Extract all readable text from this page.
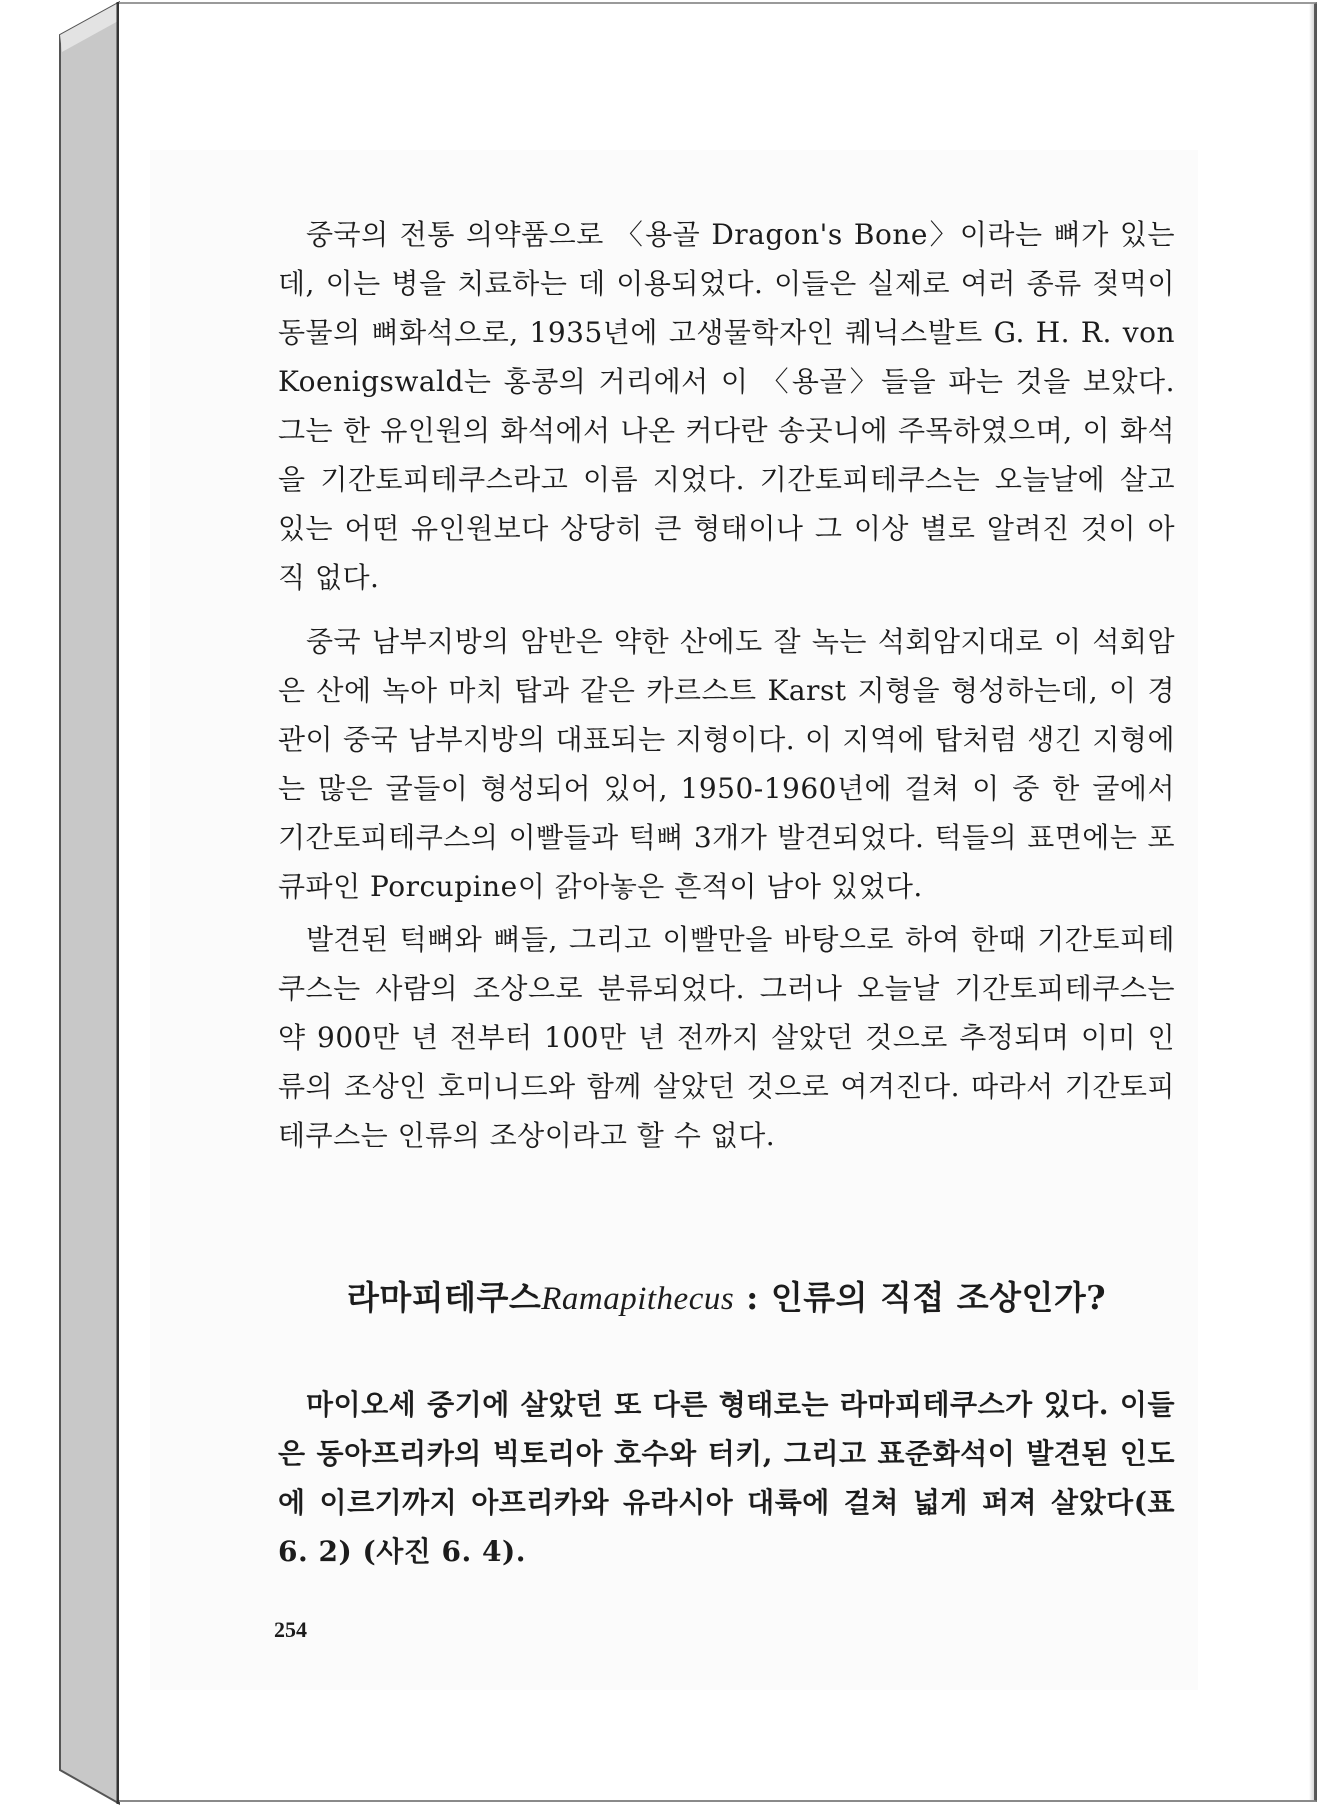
중국의 전통 의약품으로 〈용골 Dragon's Bone〉이라는 뼈가 있는데, 이는 병을 치료하는 데 이용되었다. 이들은 실제로 여러 종류 젖먹이 동물의 뼈화석으로, 1935년에 고생물학자인 퀘닉스발트 G. H. R. von Koenigswald는 홍콩의 거리에서 이 〈용골〉들을 파는 것을 보았다. 그는 한 유인원의 화석에서 나온 커다란 송곳니에 주목하였으며, 이 화석을 기간토피테쿠스라고 이름 지었다. 기간토피테쿠스는 오늘날에 살고 있는 어떤 유인원보다 상당히 큰 형태이나 그 이상 별로 알려진 것이 아직 없다.

중국 남부지방의 암반은 약한 산에도 잘 녹는 석회암지대로 이 석회암은 산에 녹아 마치 탑과 같은 카르스트 Karst 지형을 형성하는데, 이 경관이 중국 남부지방의 대표되는 지형이다. 이 지역에 탑처럼 생긴 지형에는 많은 굴들이 형성되어 있어, 1950-1960년에 걸쳐 이 중 한 굴에서 기간토피테쿠스의 이빨들과 턱뼈 3개가 발견되었다. 턱들의 표면에는 포큐파인 Porcupine이 갉아놓은 흔적이 남아 있었다.

발견된 턱뼈와 뼈들, 그리고 이빨만을 바탕으로 하여 한때 기간토피테쿠스는 사람의 조상으로 분류되었다. 그러나 오늘날 기간토피테쿠스는 약 900만 년 전부터 100만 년 전까지 살았던 것으로 추정되며 이미 인류의 조상인 호미니드와 함께 살았던 것으로 여겨진다. 따라서 기간토피테쿠스는 인류의 조상이라고 할 수 없다.

라마피테쿠스Ramapithecus : 인류의 직접 조상인가?

마이오세 중기에 살았던 또 다른 형태로는 라마피테쿠스가 있다. 이들은 동아프리카의 빅토리아 호수와 터키, 그리고 표준화석이 발견된 인도에 이르기까지 아프리카와 유라시아 대륙에 걸쳐 넓게 퍼져 살았다(표 6. 2) (사진 6. 4).

254
